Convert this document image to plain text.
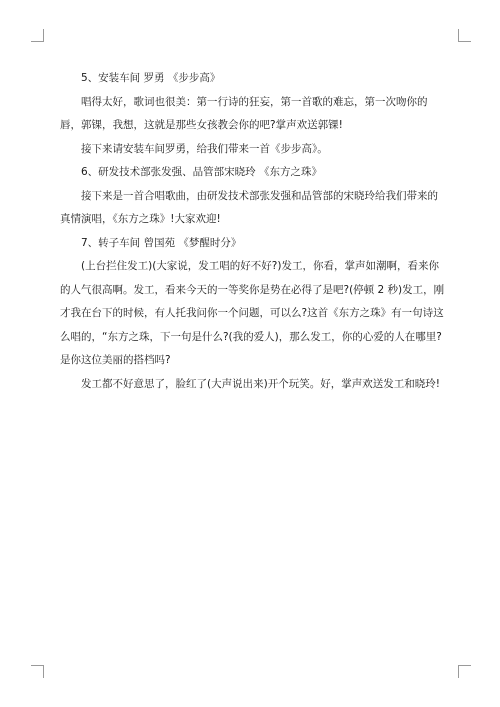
5、安装车间 罗勇 《步步高》

唱得太好，歌词也很美：第一行诗的狂妄，第一首歌的难忘，第一次吻你的唇，郭锞，我想，这就是那些女孩教会你的吧?掌声欢送郭锞!

接下来请安装车间罗勇，给我们带来一首《步步高》。

6、研发技术部张发强、品管部宋晓玲 《东方之珠》

接下来是一首合唱歌曲，由研发技术部张发强和品管部的宋晓玲给我们带来的真情演唱，《东方之珠》!大家欢迎!

7、转子车间 曾国苑 《梦醒时分》

(上台拦住发工)(大家说，发工唱的好不好?)发工，你看，掌声如潮啊，看来你的人气很高啊。发工，看来今天的一等奖你是势在必得了是吧?(停顿 2 秒)发工，刚才我在台下的时候，有人托我问你一个问题，可以么?这首《东方之珠》有一句诗这么唱的，“东方之珠，下一句是什么?(我的爱人)，那么发工，你的心爱的人在哪里?是你这位美丽的搭档吗?

发工都不好意思了，脸红了(大声说出来)开个玩笑。好，掌声欢送发工和晓玲!
